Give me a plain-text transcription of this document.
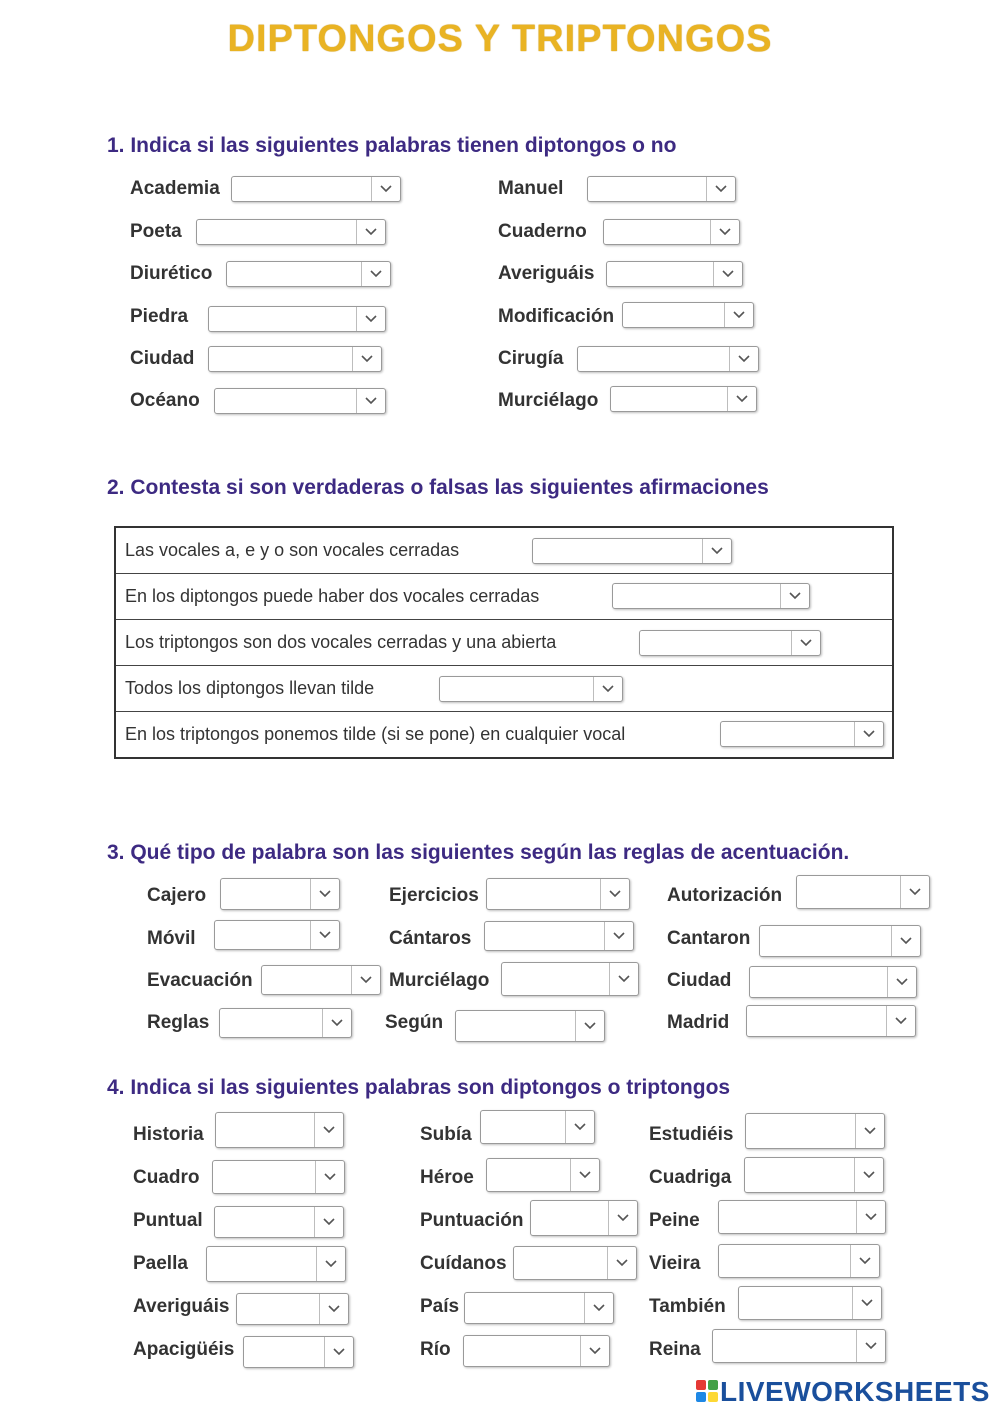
DIPTONGOS Y TRIPTONGOS
1. Indica si las siguientes palabras tienen diptongos o no
Academia
Poeta
Diurético
Piedra
Ciudad
Océano
Manuel
Cuaderno
Averiguáis
Modificación
Cirugía
Murciélago
2. Contesta si son verdaderas o falsas las siguientes afirmaciones
Las vocales a, e y o son vocales cerradas
En los diptongos puede haber dos vocales cerradas
Los triptongos son dos vocales cerradas y una abierta
Todos los diptongos llevan tilde
En los triptongos ponemos tilde (si se pone) en cualquier vocal
3. Qué tipo de palabra son las siguientes según las reglas de acentuación.
Cajero
Móvil
Evacuación
Reglas
Ejercicios
Cántaros
Murciélago
Según
Autorización
Cantaron
Ciudad
Madrid
4. Indica si las siguientes palabras son diptongos o triptongos
Historia
Cuadro
Puntual
Paella
Averiguáis
Apacigüéis
Subía
Héroe
Puntuación
Cuídanos
País
Río
Estudiéis
Cuadriga
Peine
Vieira
También
Reina
LIVEWORKSHEETS
